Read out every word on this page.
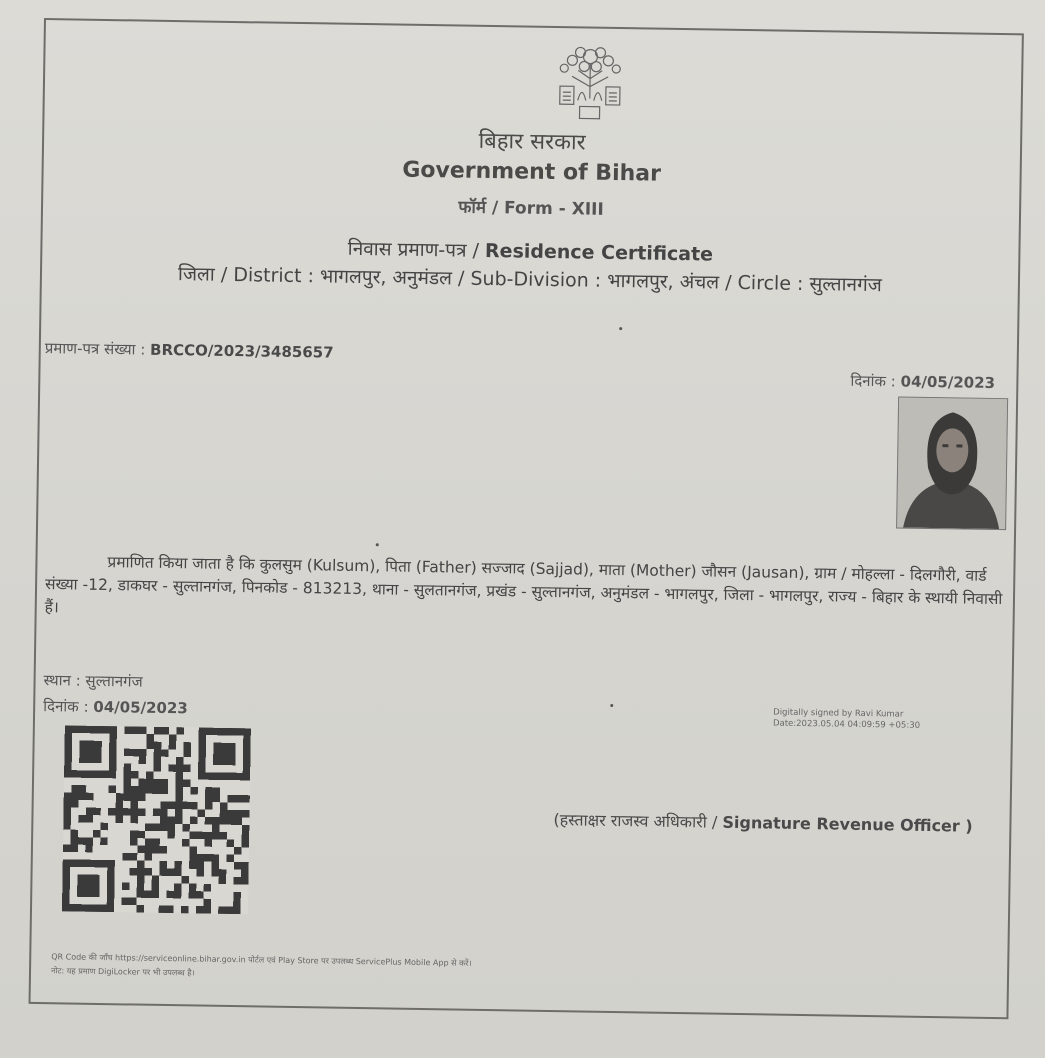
बिहार सरकार
Government of Bihar
फॉर्म / Form - XIII
निवास प्रमाण-पत्र / Residence Certificate
जिला / District : भागलपुर, अनुमंडल / Sub-Division : भागलपुर, अंचल / Circle : सुल्तानगंज
प्रमाण-पत्र संख्या : BRCCO/2023/3485657
दिनांक : 04/05/2023
प्रमाणित किया जाता है कि कुलसुम (Kulsum), पिता (Father) सज्जाद (Sajjad), माता (Mother) जौसन (Jausan), ग्राम / मोहल्ला - दिलगौरी, वार्ड संख्या -12, डाकघर - सुल्तानगंज, पिनकोड - 813213, थाना - सुलतानगंज, प्रखंड - सुल्तानगंज, अनुमंडल - भागलपुर, जिला - भागलपुर, राज्य - बिहार के स्थायी निवासी हैं।
स्थान : सुल्तानगंज
दिनांक : 04/05/2023	Digitally signed by Ravi Kumar
Date:2023.05.04 04:09:59 +05:30
(हस्ताक्षर राजस्व अधिकारी / Signature Revenue Officer )
QR Code की जाँच https://serviceonline.bihar.gov.in पोर्टल एवं Play Store पर उपलब्ध ServicePlus Mobile App से करें।
नोट: यह प्रमाण DigiLocker पर भी उपलब्ध है।
